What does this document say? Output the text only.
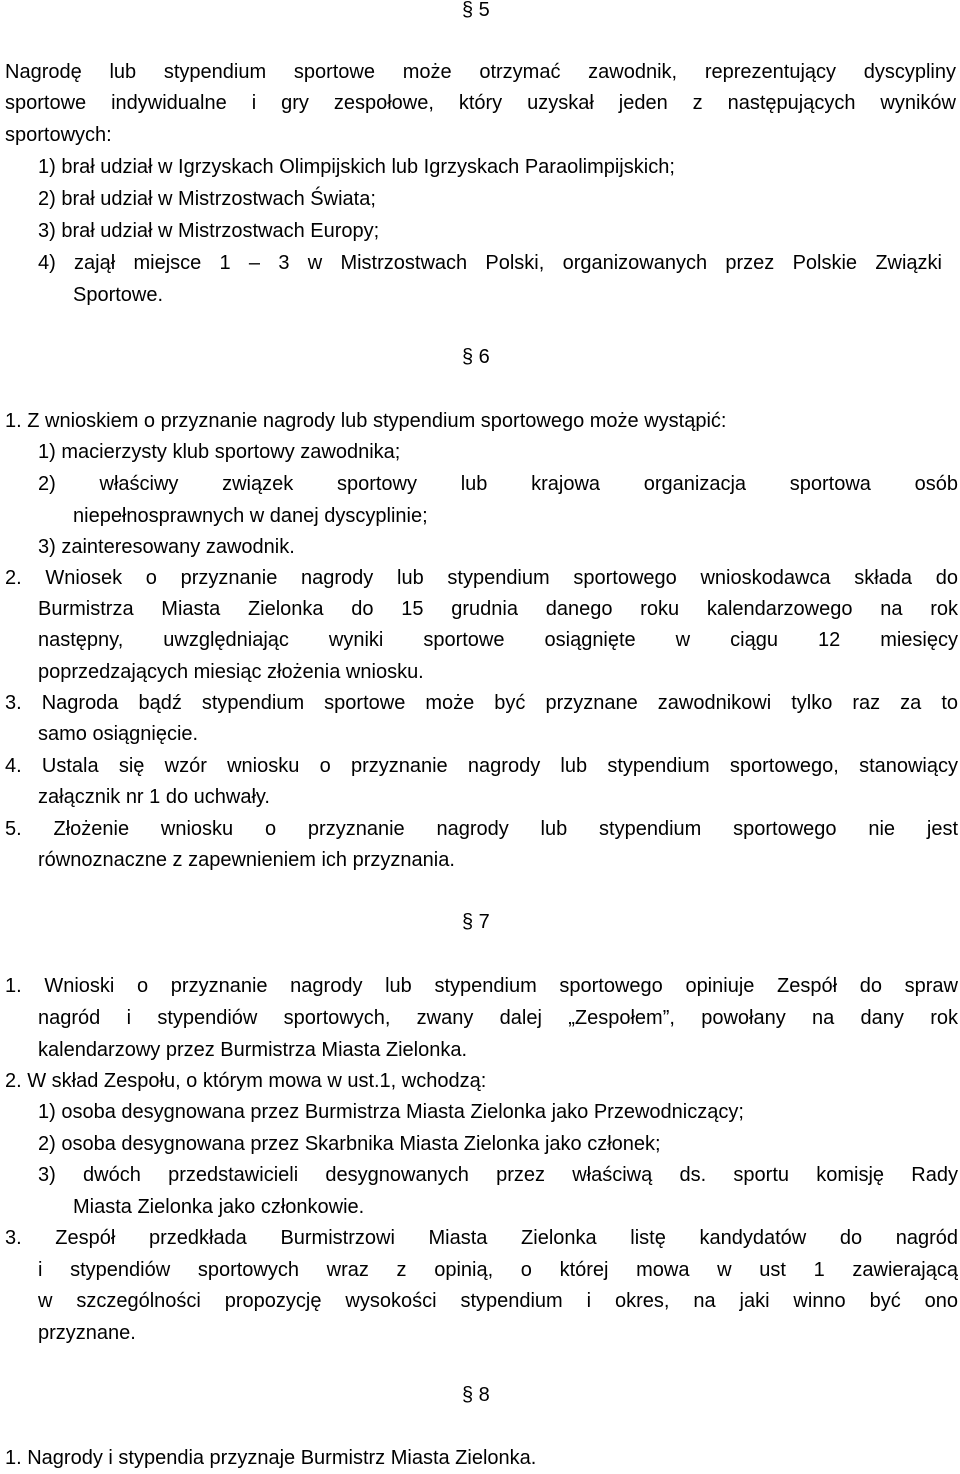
§ 5
Nagrodę lub stypendium sportowe może otrzymać zawodnik, reprezentujący dyscypliny
sportowe indywidualne i gry zespołowe, który uzyskał jeden z następujących wyników
sportowych:
1) brał udział w Igrzyskach Olimpijskich lub Igrzyskach Paraolimpijskich;
2) brał udział w Mistrzostwach Świata;
3) brał udział w Mistrzostwach Europy;
4) zajął miejsce 1 – 3 w Mistrzostwach Polski, organizowanych przez Polskie Związki
Sportowe.
§ 6
1. Z wnioskiem o przyznanie nagrody lub stypendium sportowego może wystąpić:
1) macierzysty klub sportowy zawodnika;
2) właściwy związek sportowy lub krajowa organizacja sportowa osób
niepełnosprawnych w danej dyscyplinie;
3) zainteresowany zawodnik.
2. Wniosek o przyznanie nagrody lub stypendium sportowego wnioskodawca składa do
Burmistrza Miasta Zielonka do 15 grudnia danego roku kalendarzowego na rok
następny, uwzględniając wyniki sportowe osiągnięte w ciągu 12 miesięcy
poprzedzających miesiąc złożenia wniosku.
3. Nagroda bądź stypendium sportowe może być przyznane zawodnikowi tylko raz za to
samo osiągnięcie.
4. Ustala się wzór wniosku o przyznanie nagrody lub stypendium sportowego, stanowiący
załącznik nr 1 do uchwały.
5. Złożenie wniosku o przyznanie nagrody lub stypendium sportowego nie jest
równoznaczne z zapewnieniem ich przyznania.
§ 7
1. Wnioski o przyznanie nagrody lub stypendium sportowego opiniuje Zespół do spraw
nagród i stypendiów sportowych, zwany dalej „Zespołem”, powołany na dany rok
kalendarzowy przez Burmistrza Miasta Zielonka.
2. W skład Zespołu, o którym mowa w ust.1, wchodzą:
1) osoba desygnowana przez Burmistrza Miasta Zielonka jako Przewodniczący;
2) osoba desygnowana przez Skarbnika Miasta Zielonka jako członek;
3) dwóch przedstawicieli desygnowanych przez właściwą ds. sportu komisję Rady
Miasta Zielonka jako członkowie.
3. Zespół przedkłada Burmistrzowi Miasta Zielonka listę kandydatów do nagród
i stypendiów sportowych wraz z opinią, o której mowa w ust 1 zawierającą
w szczególności propozycję wysokości stypendium i okres, na jaki winno być ono
przyznane.
§ 8
1. Nagrody i stypendia przyznaje Burmistrz Miasta Zielonka.
